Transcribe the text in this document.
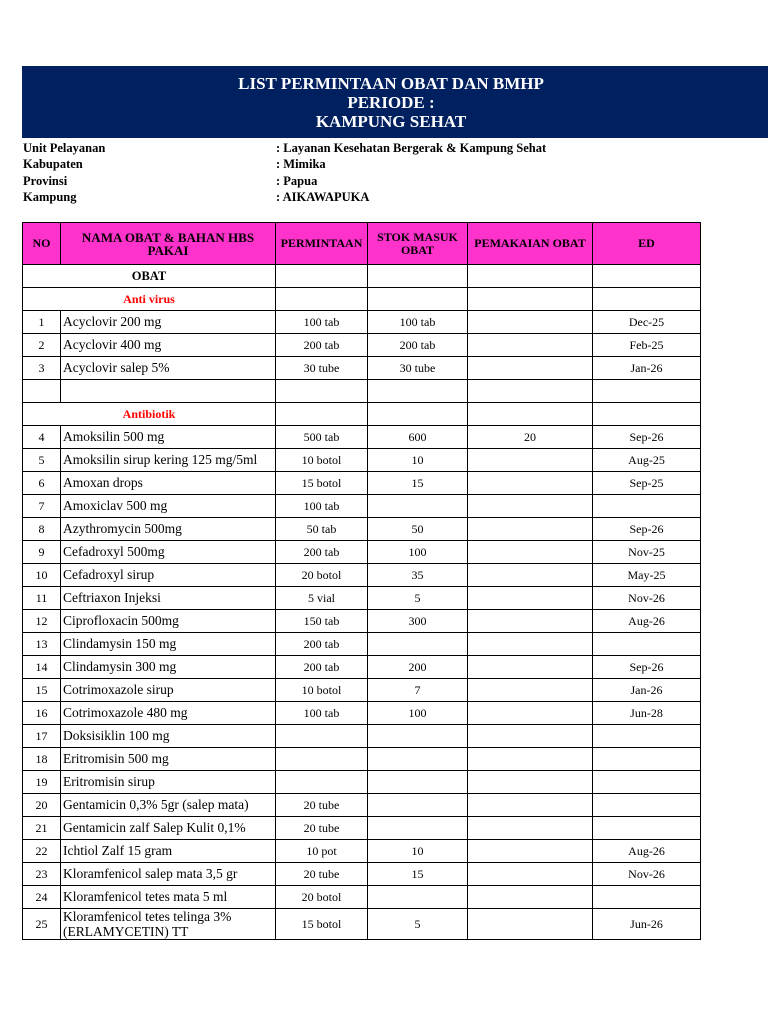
LIST PERMINTAAN OBAT DAN BMHP
PERIODE :
KAMPUNG SEHAT
Unit Pelayanan	: Layanan Kesehatan Bergerak & Kampung Sehat
Kabupaten	: Mimika
Provinsi	: Papua
Kampung	: AIKAWAPUKA
NO	NAMA OBAT & BAHAN HBS PAKAI	PERMINTAAN	STOK MASUK OBAT	PEMAKAIAN OBAT	ED
OBAT					
Anti virus					
1	Acyclovir 200 mg	100 tab	100 tab		Dec-25
2	Acyclovir 400 mg	200 tab	200 tab		Feb-25
3	Acyclovir salep 5%	30 tube	30 tube		Jan-26

Antibiotik					
4	Amoksilin 500 mg	500 tab	600	20	Sep-26
5	Amoksilin sirup kering 125 mg/5ml	10 botol	10		Aug-25
6	Amoxan drops	15 botol	15		Sep-25
7	Amoxiclav 500 mg	100 tab			
8	Azythromycin 500mg	50 tab	50		Sep-26
9	Cefadroxyl 500mg	200 tab	100		Nov-25
10	Cefadroxyl sirup	20 botol	35		May-25
11	Ceftriaxon Injeksi	5 vial	5		Nov-26
12	Ciprofloxacin 500mg	150 tab	300		Aug-26
13	Clindamysin 150 mg	200 tab			
14	Clindamysin 300 mg	200 tab	200		Sep-26
15	Cotrimoxazole sirup	10 botol	7		Jan-26
16	Cotrimoxazole 480 mg	100 tab	100		Jun-28
17	Doksisiklin 100 mg				
18	Eritromisin 500 mg				
19	Eritromisin sirup				
20	Gentamicin 0,3% 5gr (salep mata)	20 tube			
21	Gentamicin zalf Salep Kulit 0,1%	20 tube			
22	Ichtiol Zalf 15 gram	10 pot	10		Aug-26
23	Kloramfenicol salep mata 3,5 gr	20 tube	15		Nov-26
24	Kloramfenicol tetes mata 5 ml	20 botol			
25	Kloramfenicol tetes telinga 3% (ERLAMYCETIN) TT	15 botol	5		Jun-26
